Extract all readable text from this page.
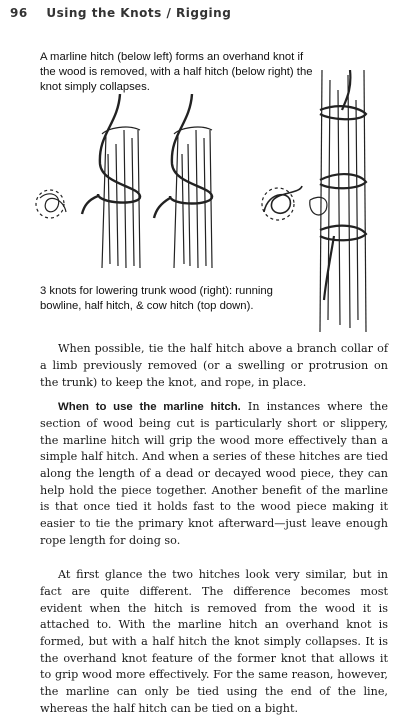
96 Using the Knots / Rigging
A marline hitch (below left) forms an overhand knot if the wood is removed, with a half hitch (below right) the knot simply collapses.
3 knots for lowering trunk wood (right): running bowline, half hitch, & cow hitch (top down).

When possible, tie the half hitch above a branch collar of a limb previously removed (or a swelling or protrusion on the trunk) to keep the knot, and rope, in place.

When to use the marline hitch. In instances where the section of wood being cut is particularly short or slippery, the marline hitch will grip the wood more effectively than a simple half hitch. And when a series of these hitches are tied along the length of a dead or decayed wood piece, they can help hold the piece together. Another benefit of the marline is that once tied it holds fast to the wood piece making it easier to tie the primary knot afterward—just leave enough rope length for doing so.

At first glance the two hitches look very similar, but in fact are quite different. The difference becomes most evident when the hitch is removed from the wood it is attached to. With the marline hitch an overhand knot is formed, but with a half hitch the knot simply collapses. It is the overhand knot feature of the former knot that allows it to grip wood more effectively. For the same reason, however, the marline can only be tied using the end of the line, whereas the half hitch can be tied on a bight.
